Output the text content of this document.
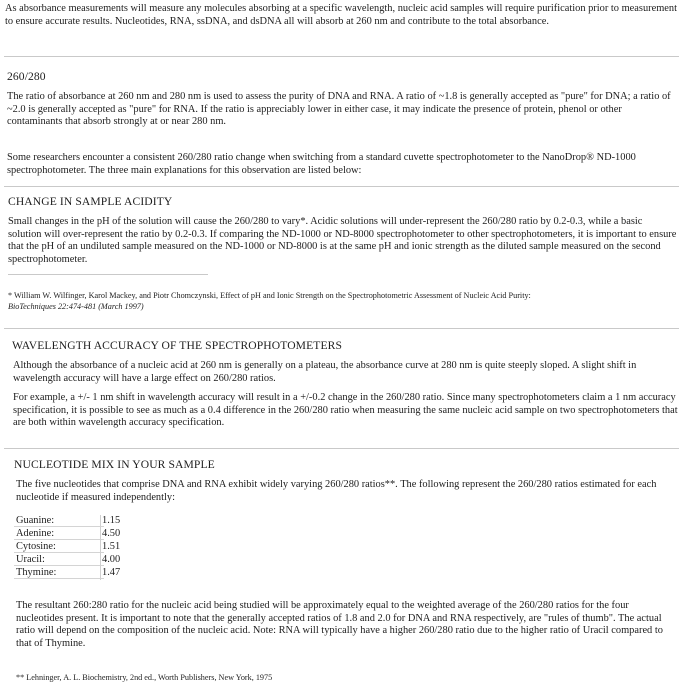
As absorbance measurements will measure any molecules absorbing at a specific wavelength, nucleic acid samples will require purification prior to measurement to ensure accurate results. Nucleotides, RNA, ssDNA, and dsDNA all will absorb at 260 nm and contribute to the total absorbance.

260/280

The ratio of absorbance at 260 nm and 280 nm is used to assess the purity of DNA and RNA. A ratio of ~1.8 is generally accepted as "pure" for DNA; a ratio of ~2.0 is generally accepted as "pure" for RNA. If the ratio is appreciably lower in either case, it may indicate the presence of protein, phenol or other contaminants that absorb strongly at or near 280 nm.

Some researchers encounter a consistent 260/280 ratio change when switching from a standard cuvette spectrophotometer to the NanoDrop® ND-1000 spectrophotometer. The three main explanations for this observation are listed below:

CHANGE IN SAMPLE ACIDITY

Small changes in the pH of the solution will cause the 260/280 to vary*. Acidic solutions will under-represent the 260/280 ratio by 0.2-0.3, while a basic solution will over-represent the ratio by 0.2-0.3. If comparing the ND-1000 or ND-8000 spectrophotometer to other spectrophotometers, it is important to ensure that the pH of an undiluted sample measured on the ND-1000 or ND-8000 is at the same pH and ionic strength as the diluted sample measured on the second spectrophotometer.

* William W. Wilfinger, Karol Mackey, and Piotr Chomczynski, Effect of pH and Ionic Strength on the Spectrophotometric Assessment of Nucleic Acid Purity:
BioTechniques 22:474-481 (March 1997)

WAVELENGTH ACCURACY OF THE SPECTROPHOTOMETERS

Although the absorbance of a nucleic acid at 260 nm is generally on a plateau, the absorbance curve at 280 nm is quite steeply sloped. A slight shift in wavelength accuracy will have a large effect on 260/280 ratios.

For example, a +/- 1 nm shift in wavelength accuracy will result in a +/-0.2 change in the 260/280 ratio. Since many spectrophotometers claim a 1 nm accuracy specification, it is possible to see as much as a 0.4 difference in the 260/280 ratio when measuring the same nucleic acid sample on two spectrophotometers that are both within wavelength accuracy specification.

NUCLEOTIDE MIX IN YOUR SAMPLE

The five nucleotides that comprise DNA and RNA exhibit widely varying 260/280 ratios**. The following represent the 260/280 ratios estimated for each nucleotide if measured independently:

Guanine:	1.15
Adenine:	4.50
Cytosine:	1.51
Uracil:	4.00
Thymine:	1.47

The resultant 260:280 ratio for the nucleic acid being studied will be approximately equal to the weighted average of the 260/280 ratios for the four nucleotides present. It is important to note that the generally accepted ratios of 1.8 and 2.0 for DNA and RNA respectively, are "rules of thumb". The actual ratio will depend on the composition of the nucleic acid. Note: RNA will typically have a higher 260/280 ratio due to the higher ratio of Uracil compared to that of Thymine.

** Lehninger, A. L. Biochemistry, 2nd ed., Worth Publishers, New York, 1975
